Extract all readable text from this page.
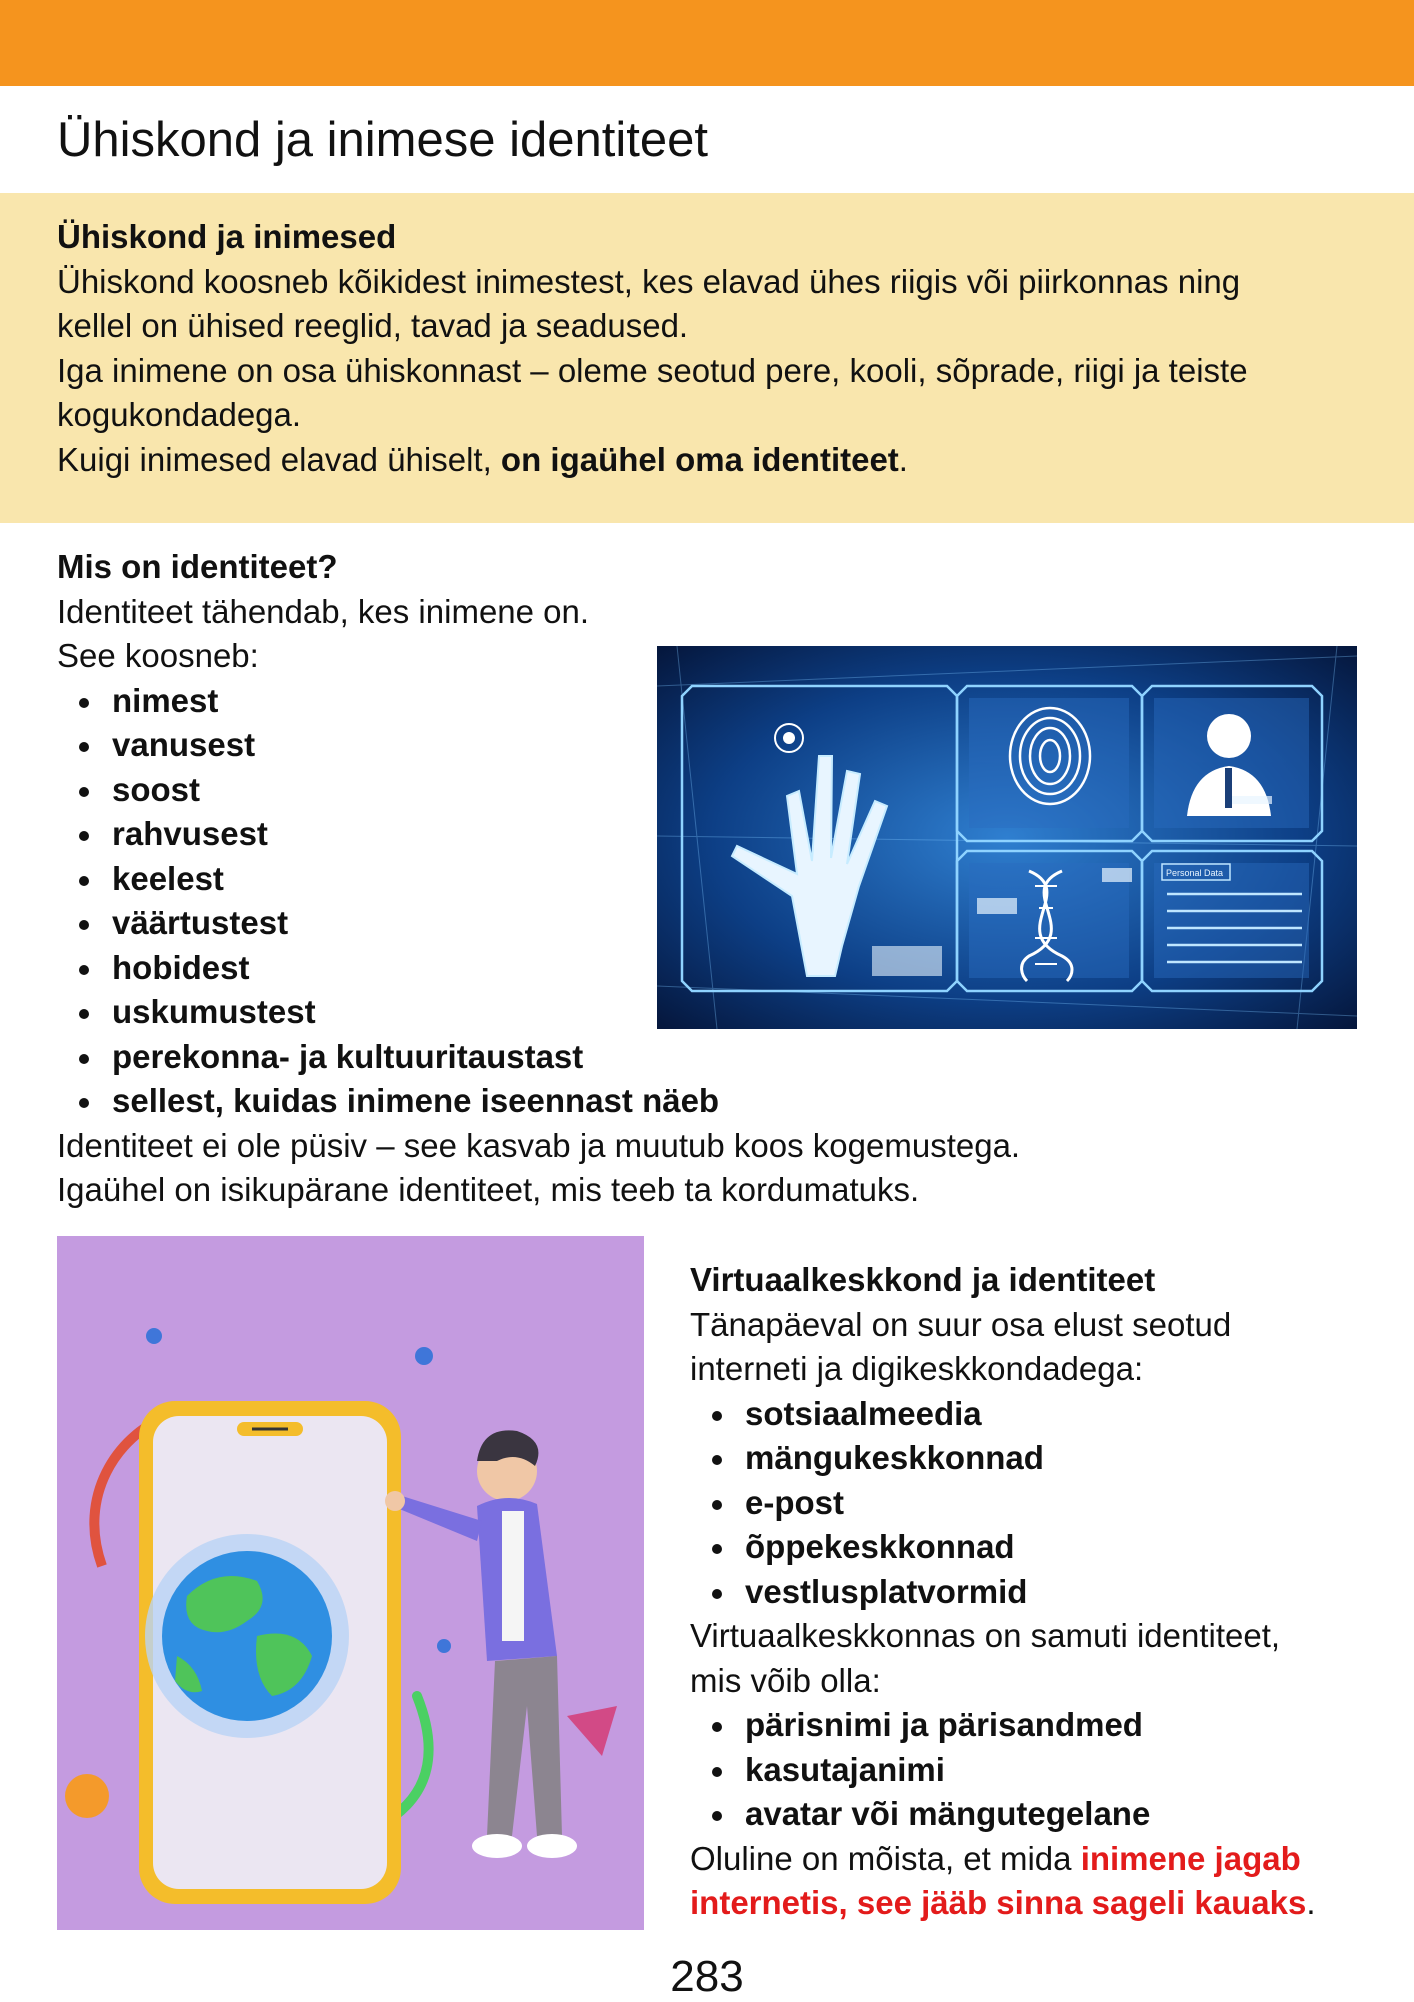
Ühiskond ja inimese identiteet
Ühiskond ja inimesed
Ühiskond koosneb kõikidest inimestest, kes elavad ühes riigis või piirkonnas ning
kellel on ühised reeglid, tavad ja seadused.
Iga inimene on osa ühiskonnast – oleme seotud pere, kooli, sõprade, riigi ja teiste
kogukondadega.
Kuigi inimesed elavad ühiselt, on igaühel oma identiteet.
Mis on identiteet?
Identiteet tähendab, kes inimene on.
See koosneb:
nimest
vanusest
soost
rahvusest
keelest
väärtustest
hobidest
uskumustest
perekonna- ja kultuuritaustast
sellest, kuidas inimene iseennast näeb
Identiteet ei ole püsiv – see kasvab ja muutub koos kogemustega.
Igaühel on isikupärane identiteet, mis teeb ta kordumatuks.
Personal Data
Virtuaalkeskkond ja identiteet
Tänapäeval on suur osa elust seotud
interneti ja digikeskkondadega:
sotsiaalmeedia
mängukeskkonnad
e-post
õppekeskkonnad
vestlusplatvormid
Virtuaalkeskkonnas on samuti identiteet,
mis võib olla:
pärisnimi ja pärisandmed
kasutajanimi
avatar või mängutegelane
Oluline on mõista, et mida inimene jagab
internetis, see jääb sinna sageli kauaks.
283
